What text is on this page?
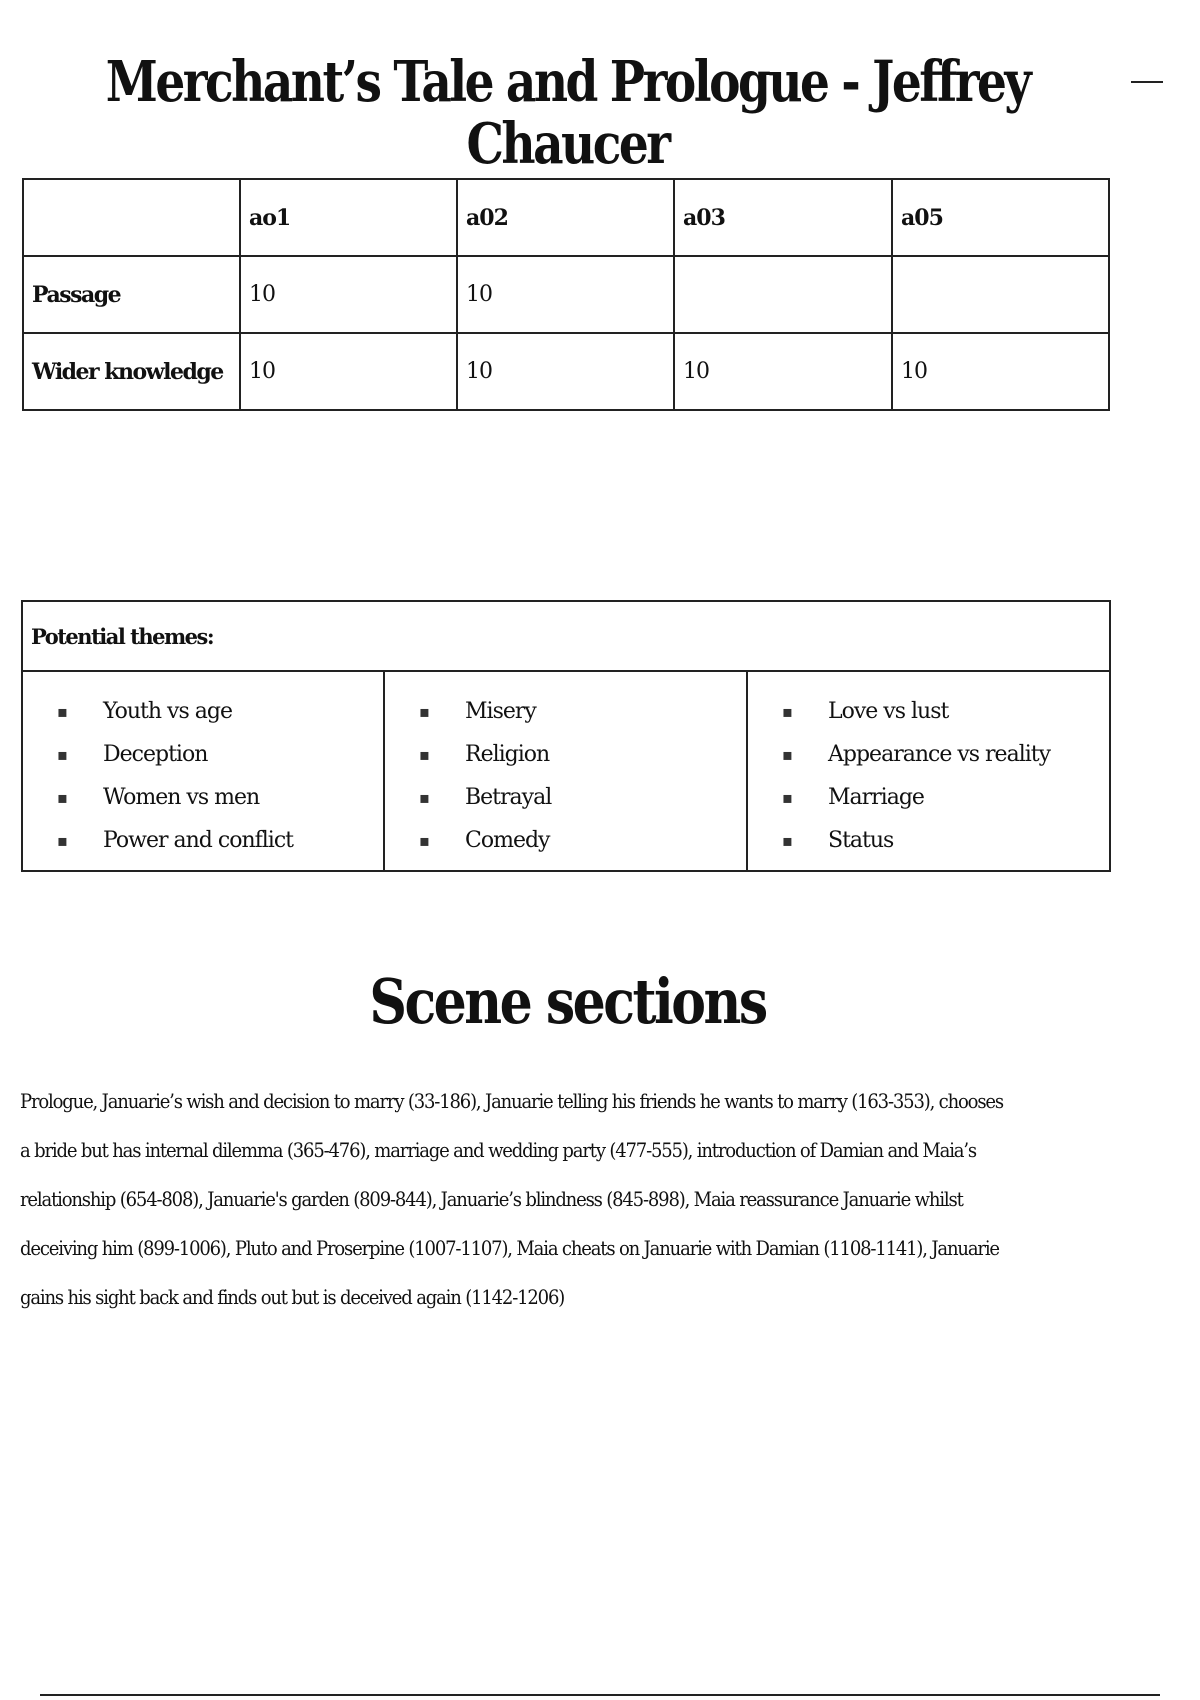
Merchant’s Tale and Prologue - Jeffrey Chaucer
	ao1	a02	a03	a05
Passage	10	10		
Wider knowledge	10	10	10	10
Potential themes:

▪ Youth vs age
▪ Deception
▪ Women vs men
▪ Power and conflict

▪ Misery
▪ Religion
▪ Betrayal
▪ Comedy

▪ Love vs lust
▪ Appearance vs reality
▪ Marriage
▪ Status
Scene sections

Prologue, Januarie’s wish and decision to marry (33-186), Januarie telling his friends he wants to marry (163-353), chooses a bride but has internal dilemma (365-476), marriage and wedding party (477-555), introduction of Damian and Maia’s relationship (654-808), Januarie's garden (809-844), Januarie’s blindness (845-898), Maia reassurance Januarie whilst deceiving him (899-1006), Pluto and Proserpine (1007-1107), Maia cheats on Januarie with Damian (1108-1141), Januarie gains his sight back and finds out but is deceived again (1142-1206)
